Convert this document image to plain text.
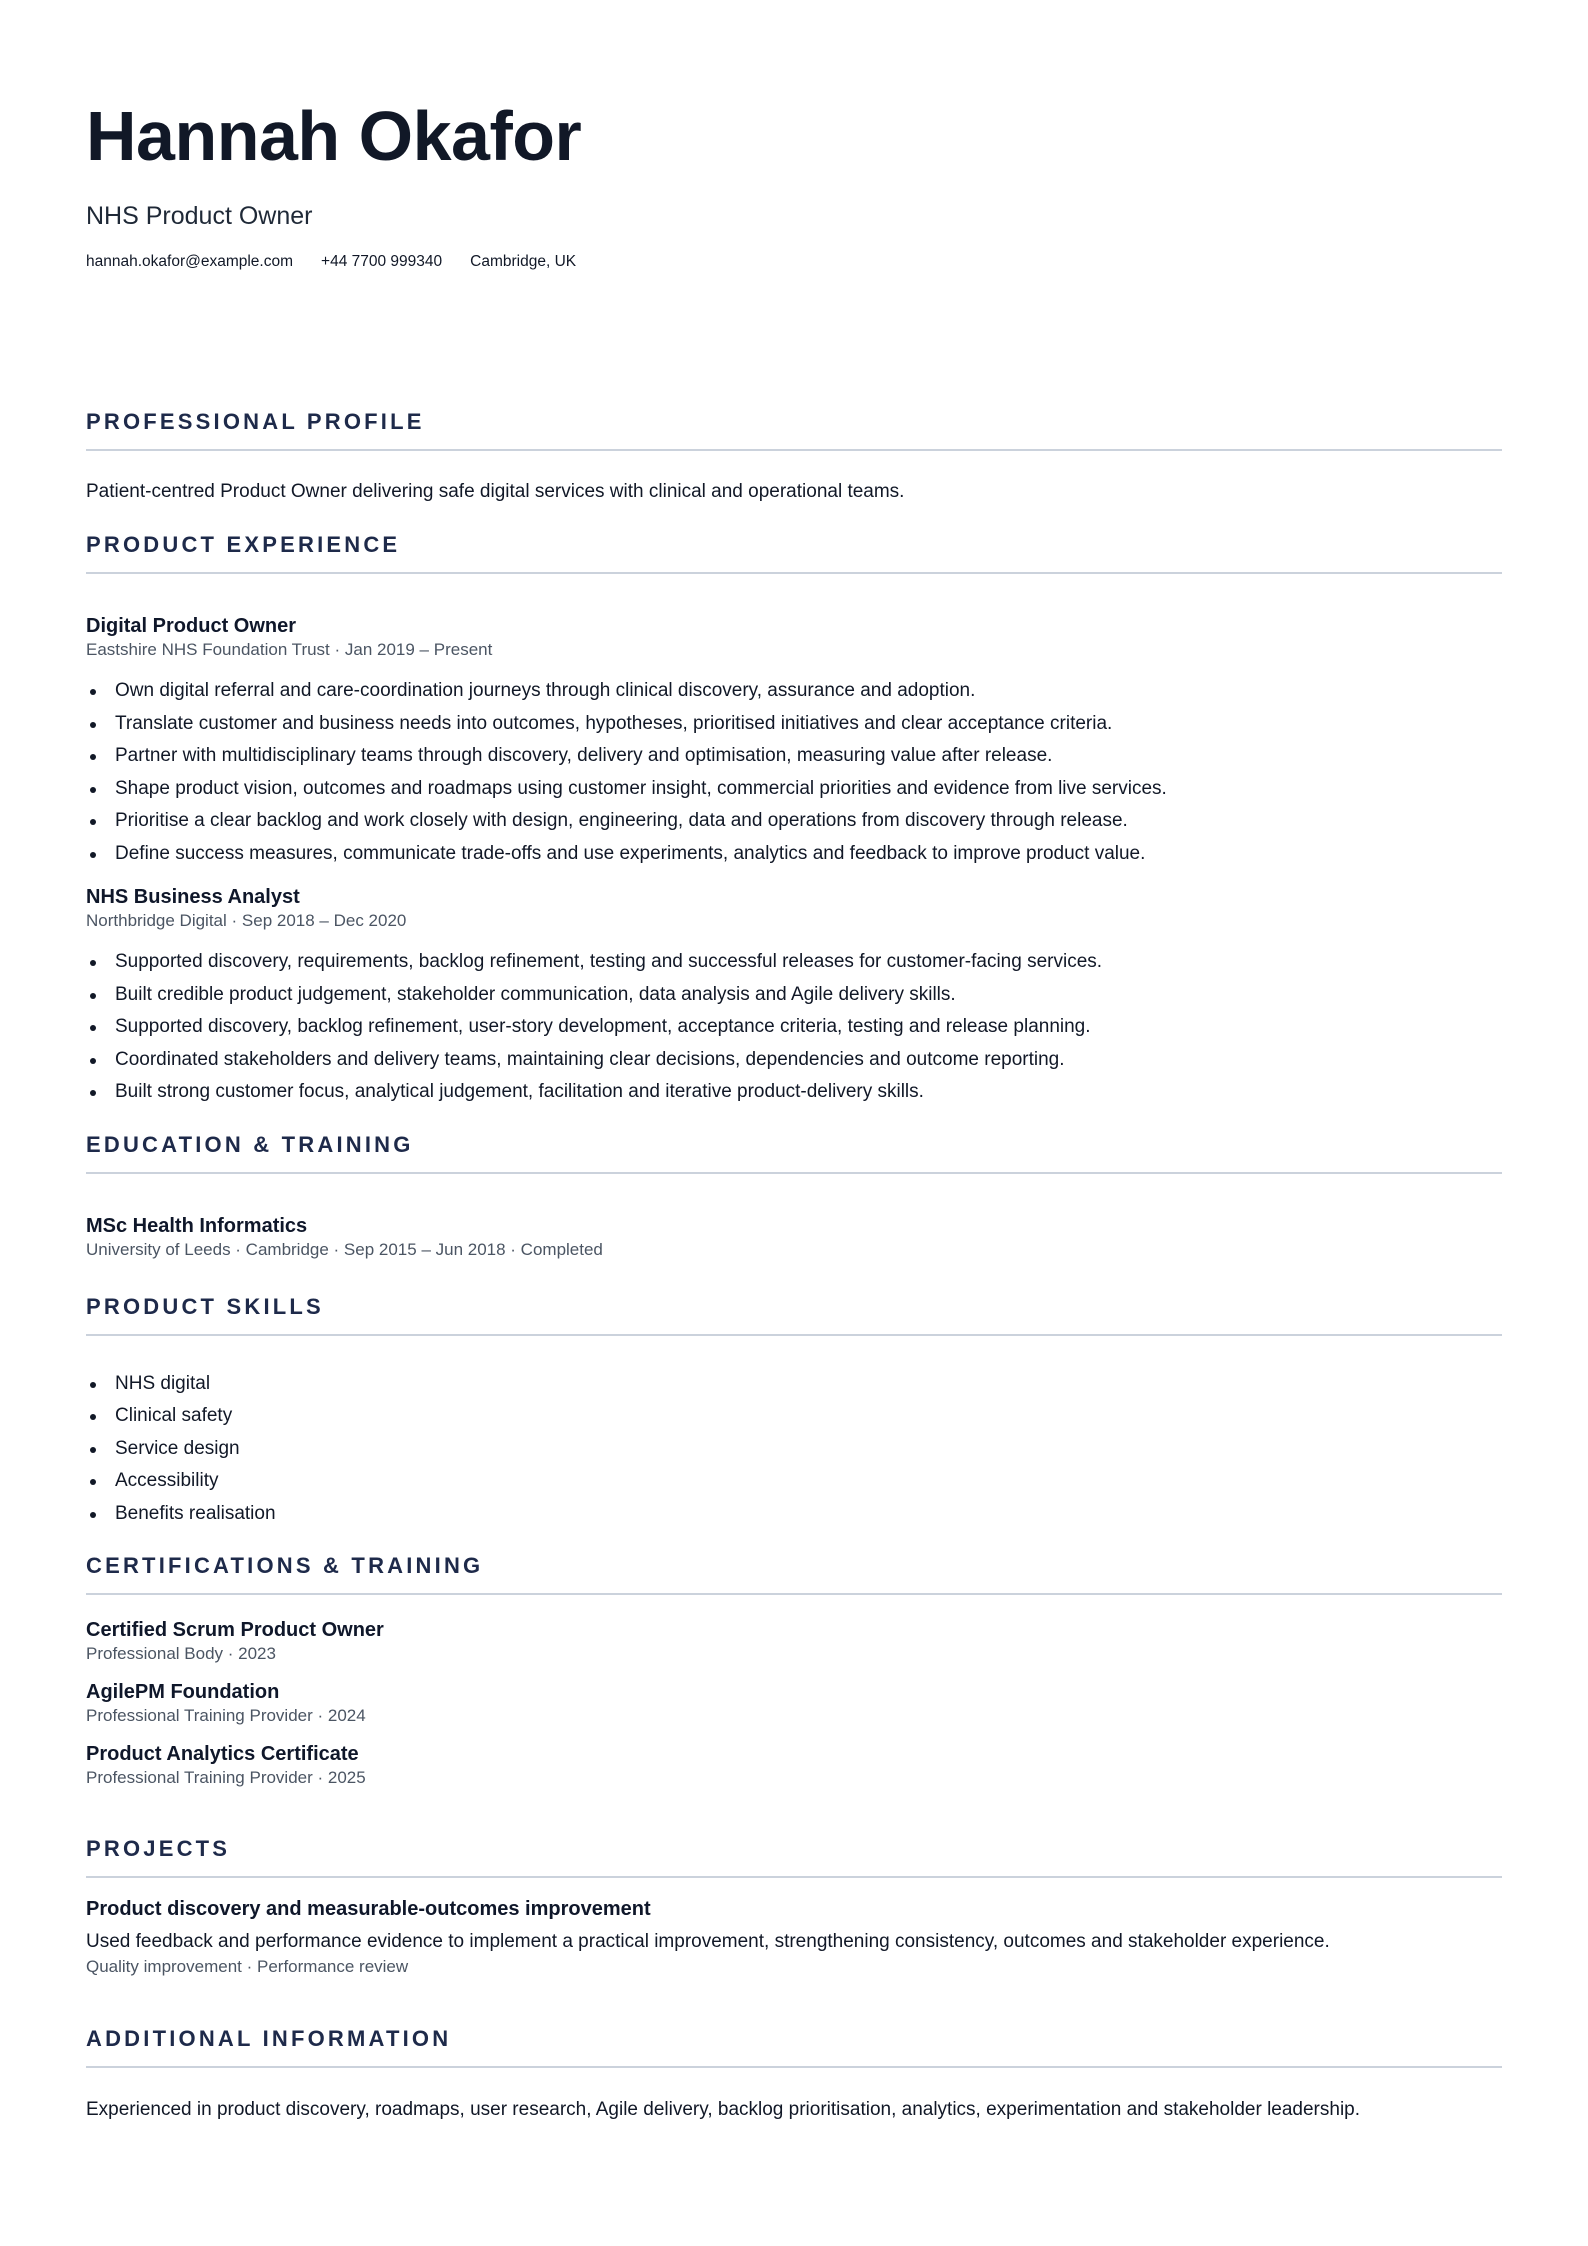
Hannah Okafor
NHS Product Owner
hannah.okafor@example.com +44 7700 999340 Cambridge, UK
PROFESSIONAL PROFILE
Patient-centred Product Owner delivering safe digital services with clinical and operational teams.
PRODUCT EXPERIENCE
Digital Product Owner
Eastshire NHS Foundation Trust · Jan 2019 – Present
Own digital referral and care-coordination journeys through clinical discovery, assurance and adoption.
Translate customer and business needs into outcomes, hypotheses, prioritised initiatives and clear acceptance criteria.
Partner with multidisciplinary teams through discovery, delivery and optimisation, measuring value after release.
Shape product vision, outcomes and roadmaps using customer insight, commercial priorities and evidence from live services.
Prioritise a clear backlog and work closely with design, engineering, data and operations from discovery through release.
Define success measures, communicate trade-offs and use experiments, analytics and feedback to improve product value.
NHS Business Analyst
Northbridge Digital · Sep 2018 – Dec 2020
Supported discovery, requirements, backlog refinement, testing and successful releases for customer-facing services.
Built credible product judgement, stakeholder communication, data analysis and Agile delivery skills.
Supported discovery, backlog refinement, user-story development, acceptance criteria, testing and release planning.
Coordinated stakeholders and delivery teams, maintaining clear decisions, dependencies and outcome reporting.
Built strong customer focus, analytical judgement, facilitation and iterative product-delivery skills.
EDUCATION & TRAINING
MSc Health Informatics
University of Leeds · Cambridge · Sep 2015 – Jun 2018 · Completed
PRODUCT SKILLS
NHS digital
Clinical safety
Service design
Accessibility
Benefits realisation
CERTIFICATIONS & TRAINING
Certified Scrum Product Owner
Professional Body · 2023
AgilePM Foundation
Professional Training Provider · 2024
Product Analytics Certificate
Professional Training Provider · 2025
PROJECTS
Product discovery and measurable-outcomes improvement
Used feedback and performance evidence to implement a practical improvement, strengthening consistency, outcomes and stakeholder experience.
Quality improvement · Performance review
ADDITIONAL INFORMATION
Experienced in product discovery, roadmaps, user research, Agile delivery, backlog prioritisation, analytics, experimentation and stakeholder leadership.
